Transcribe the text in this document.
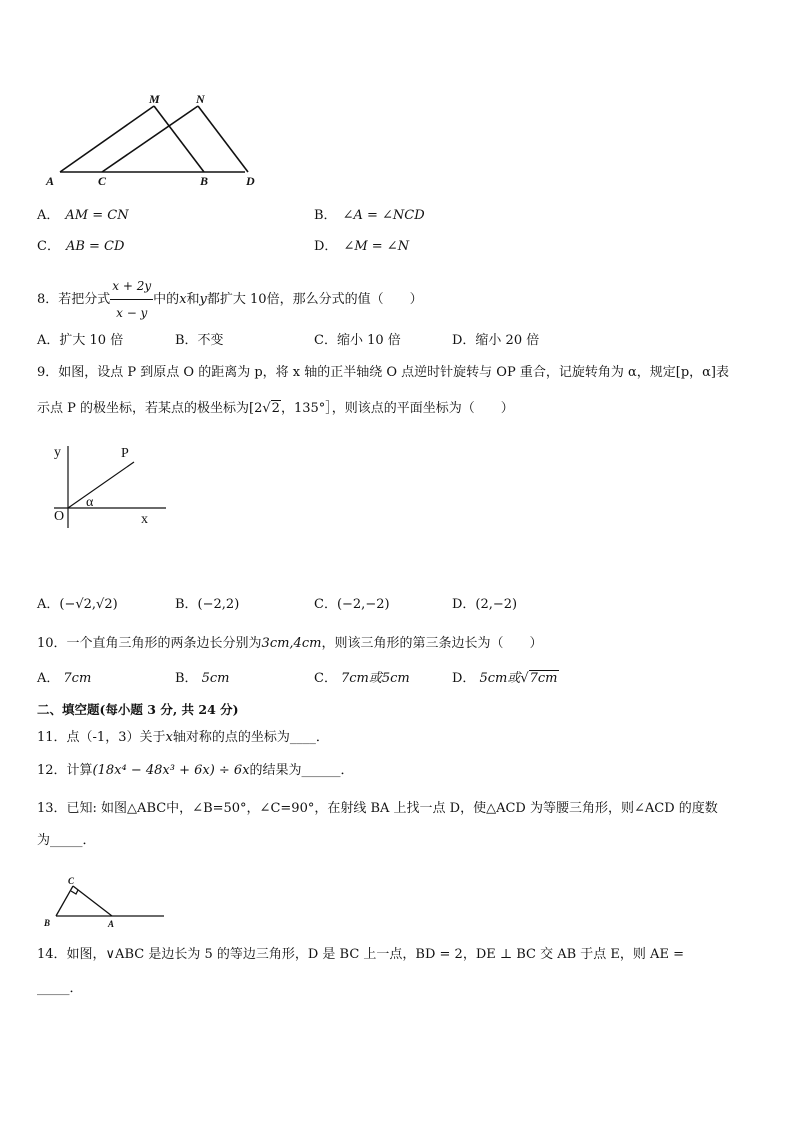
M	N
A	C	B	D
A． AM = CN	B． ∠A = ∠NCD
C． AB = CD	D． ∠M = ∠N
8．若把分式 $\frac{x + 2y}{x - y}$ 中的x和y都扩大 10倍，那么分式的值（　　）
A．扩大 10 倍	B．不变	C．缩小 10 倍	D．缩小 20 倍
9．如图，设点 P 到原点 O 的距离为 p，将 x 轴的正半轴绕 O 点逆时针旋转与 OP 重合，记旋转角为 α，规定[p，α]表
示点 P 的极坐标，若某点的极坐标为[2√2，135°］，则该点的平面坐标为（　　）
y	P
α
O	x
A．(−√2,√2)	B．(−2,2)	C．(−2,−2)	D．(2,−2)
10．一个直角三角形的两条边长分别为3cm,4cm，则该三角形的第三条边长为（　　）
A． 7cm	B． 5cm	C． 7cm或5cm	D． 5cm或√7cm
二、填空题(每小题 3 分, 共 24 分)
11．点（-1，3）关于x轴对称的点的坐标为____．
12．计算(18x⁴ − 48x³ + 6x) ÷ 6x的结果为______．
13．已知: 如图△ABC中，∠B=50°，∠C=90°，在射线 BA 上找一点 D，使△ACD 为等腰三角形，则∠ACD 的度数
为_____．
C
B	A
14．如图，∨ABC 是边长为 5 的等边三角形，D 是 BC 上一点，BD = 2，DE ⊥ BC 交 AB 于点 E，则 AE =
_____．
